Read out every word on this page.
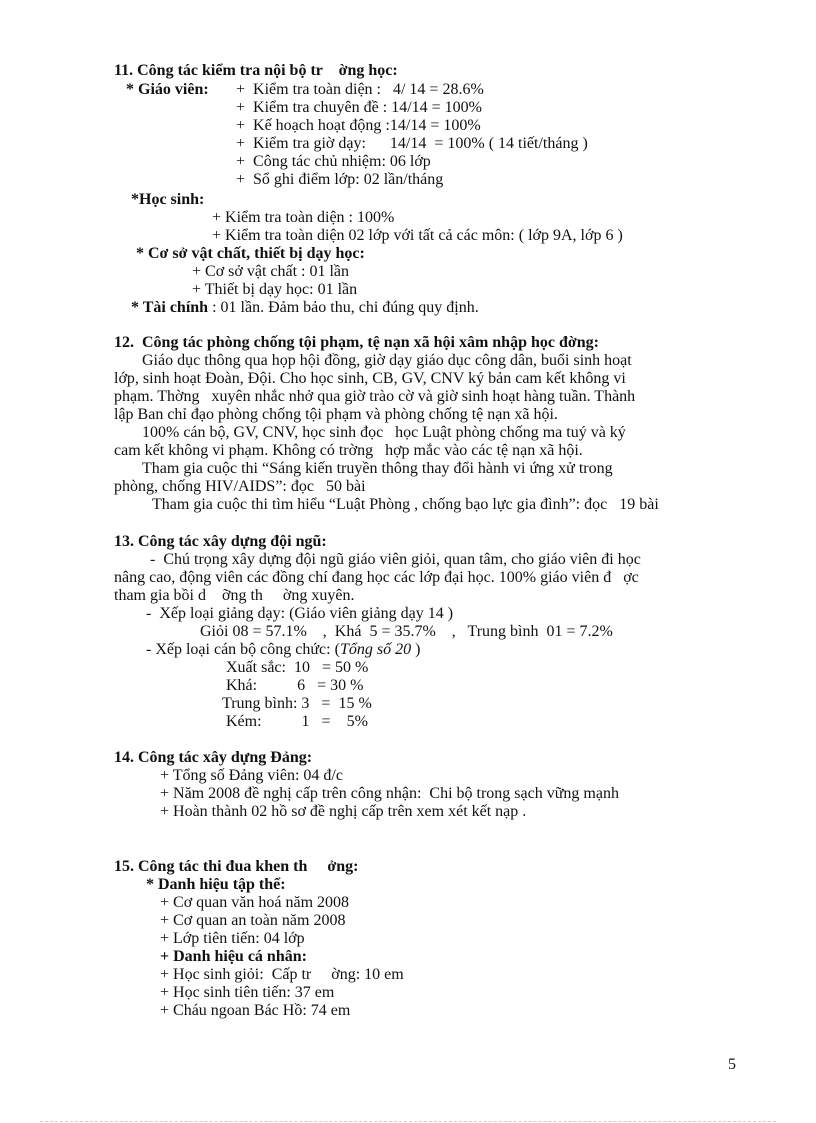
11. Công tác kiểm tra nội bộ tr    ờng học:
* Giáo viên: +  Kiểm tra toàn diện :   4/ 14 = 28.6%
+  Kiểm tra chuyên đề : 14/14 = 100%
+  Kế hoạch hoạt động :14/14 = 100%
+  Kiểm tra giờ dạy:      14/14  = 100% ( 14 tiết/tháng )
+  Công tác chủ nhiệm: 06 lớp
+  Sổ ghi điểm lớp: 02 lần/tháng
*Học sinh:
+ Kiểm tra toàn diện : 100%
+ Kiểm tra toàn diện 02 lớp với tất cả các môn: ( lớp 9A, lớp 6 )
* Cơ sở vật chất, thiết bị dạy học:
+ Cơ sở vật chất : 01 lần
+ Thiết bị dạy học: 01 lần
* Tài chính : 01 lần. Đảm bảo thu, chi đúng quy định.
12.  Công tác phòng chống tội phạm, tệ nạn xã hội xâm nhập học đờng:
Giáo dục thông qua họp hội đồng, giờ dạy giáo dục công dân, buổi sinh hoạt
lớp, sinh hoạt Đoàn, Đội. Cho học sinh, CB, GV, CNV ký bản cam kết không vi
phạm. Thờng   xuyên nhắc nhở qua giờ trào cờ và giờ sinh hoạt hàng tuần. Thành
lập Ban chỉ đạo phòng chống tội phạm và phòng chống tệ nạn xã hội.
100% cán bộ, GV, CNV, học sinh đọc   học Luật phòng chống ma tuý và ký
cam kết không vi phạm. Không có trờng   hợp mắc vào các tệ nạn xã hội.
Tham gia cuộc thi “Sáng kiến truyền thông thay đổi hành vi ứng xử trong
phòng, chống HIV/AIDS”: đọc   50 bài
Tham gia cuộc thi tìm hiểu “Luật Phòng , chống bạo lực gia đình”: đọc   19 bài
13. Công tác xây dựng đội ngũ:
-  Chú trọng xây dựng đội ngũ giáo viên giỏi, quan tâm, cho giáo viên đi học
nâng cao, động viên các đồng chí đang học các lớp đại học. 100% giáo viên đ   ợc
tham gia bồi d    ỡng th     ờng xuyên.
-  Xếp loại giảng dạy: (Giáo viên giảng dạy 14 )
Giỏi 08 = 57.1%    ,  Khá  5 = 35.7%    ,   Trung bình  01 = 7.2%
- Xếp loại cán bộ công chức: (Tổng số 20 )
Xuất sắc:  10   = 50 %
Khá:          6   = 30 %
Trung bình: 3   =  15 %
Kém:          1   =    5%
14. Công tác xây dựng Đảng:
+ Tổng số Đảng viên: 04 đ/c
+ Năm 2008 đề nghị cấp trên công nhận:  Chi bộ trong sạch vững mạnh
+ Hoàn thành 02 hồ sơ đề nghị cấp trên xem xét kết nạp .
15. Công tác thi đua khen th     ởng:
* Danh hiệu tập thể:
+ Cơ quan văn hoá năm 2008
+ Cơ quan an toàn năm 2008
+ Lớp tiên tiến: 04 lớp
+ Danh hiệu cá nhân:
+ Học sinh giỏi:  Cấp tr     ờng: 10 em
+ Học sinh tiên tiến: 37 em
+ Cháu ngoan Bác Hồ: 74 em
5
